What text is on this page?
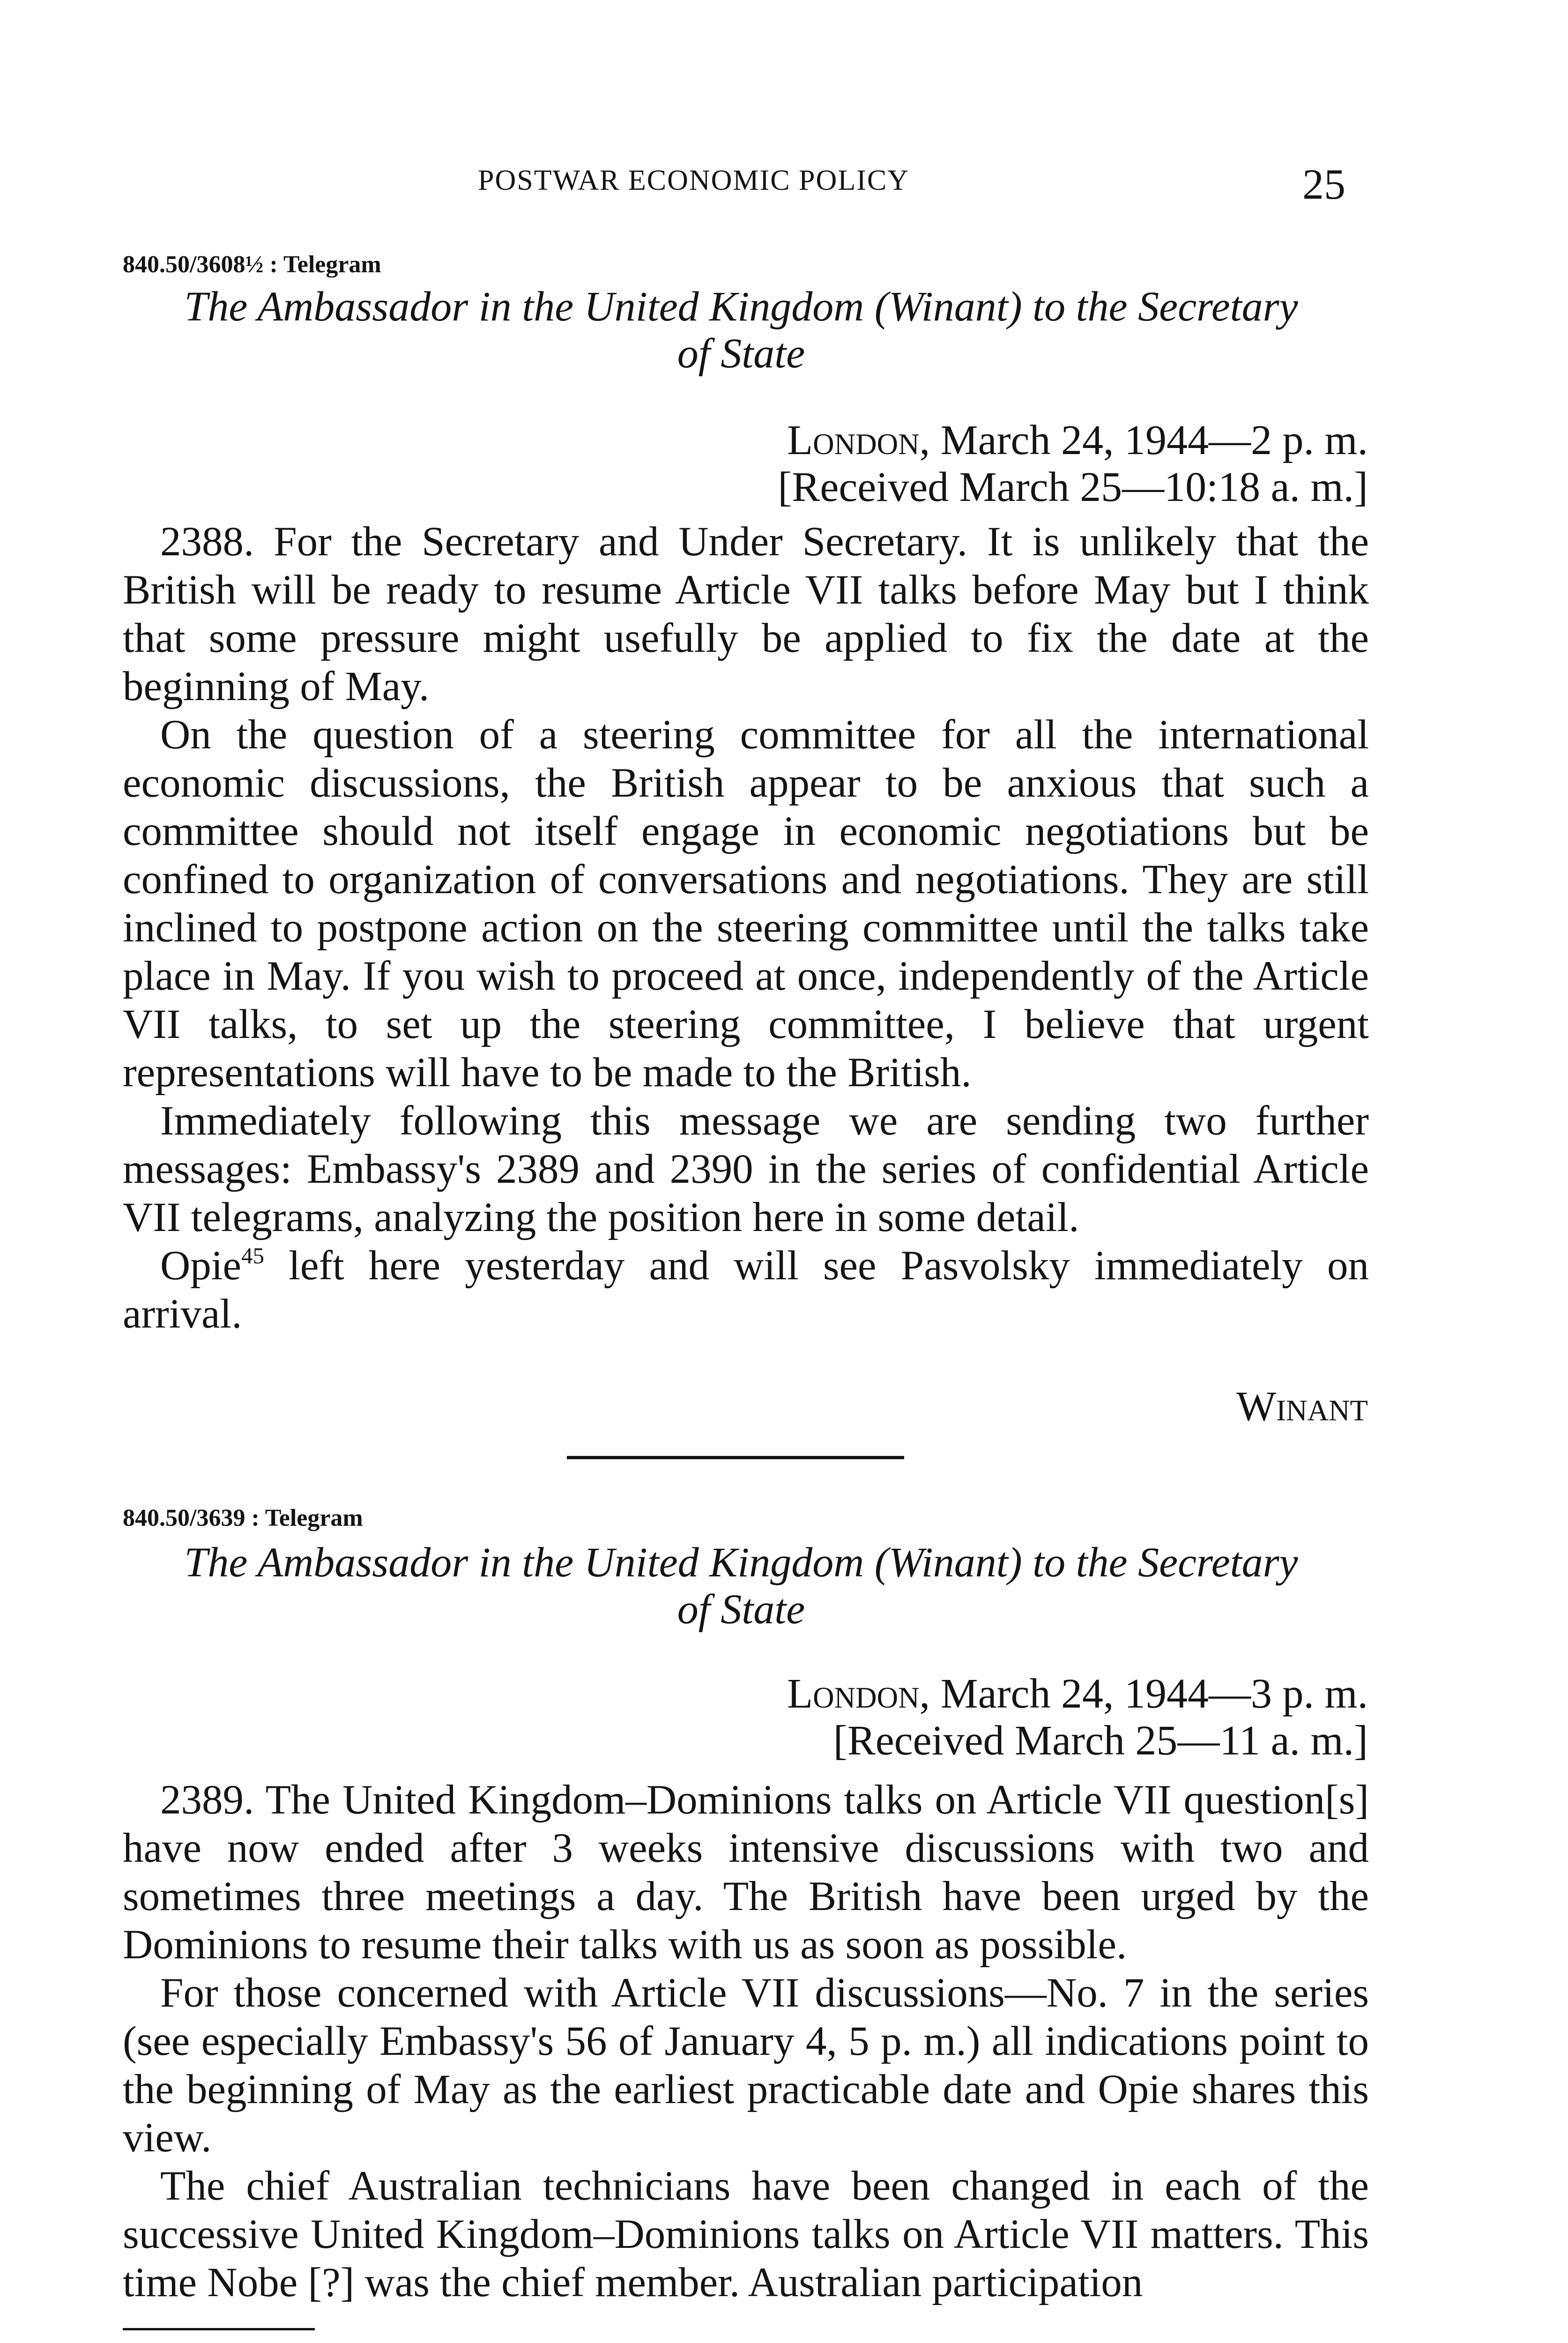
POSTWAR ECONOMIC POLICY	25
840.50/3608½ : Telegram
The Ambassador in the United Kingdom (Winant) to the Secretary
of State
London, March 24, 1944—2 p. m.
[Received March 25—10:18 a. m.]

2388. For the Secretary and Under Secretary. It is unlikely that the British will be ready to resume Article VII talks before May but I think that some pressure might usefully be applied to fix the date at the beginning of May.

On the question of a steering committee for all the international economic discussions, the British appear to be anxious that such a committee should not itself engage in economic negotiations but be confined to organization of conversations and negotiations. They are still inclined to postpone action on the steering committee until the talks take place in May. If you wish to proceed at once, independently of the Article VII talks, to set up the steering committee, I believe that urgent representations will have to be made to the British.

Immediately following this message we are sending two further messages: Embassy's 2389 and 2390 in the series of confidential Article VII telegrams, analyzing the position here in some detail.

Opie$^{45}$ left here yesterday and will see Pasvolsky immediately on arrival.

Winant
840.50/3639 : Telegram
The Ambassador in the United Kingdom (Winant) to the Secretary
of State
London, March 24, 1944—3 p. m.
[Received March 25—11 a. m.]

2389. The United Kingdom–Dominions talks on Article VII question[s] have now ended after 3 weeks intensive discussions with two and sometimes three meetings a day. The British have been urged by the Dominions to resume their talks with us as soon as possible.

For those concerned with Article VII discussions—No. 7 in the series (see especially Embassy's 56 of January 4, 5 p. m.) all indications point to the beginning of May as the earliest practicable date and Opie shares this view.

The chief Australian technicians have been changed in each of the successive United Kingdom–Dominions talks on Article VII matters. This time Nobe [?] was the chief member. Australian participation
